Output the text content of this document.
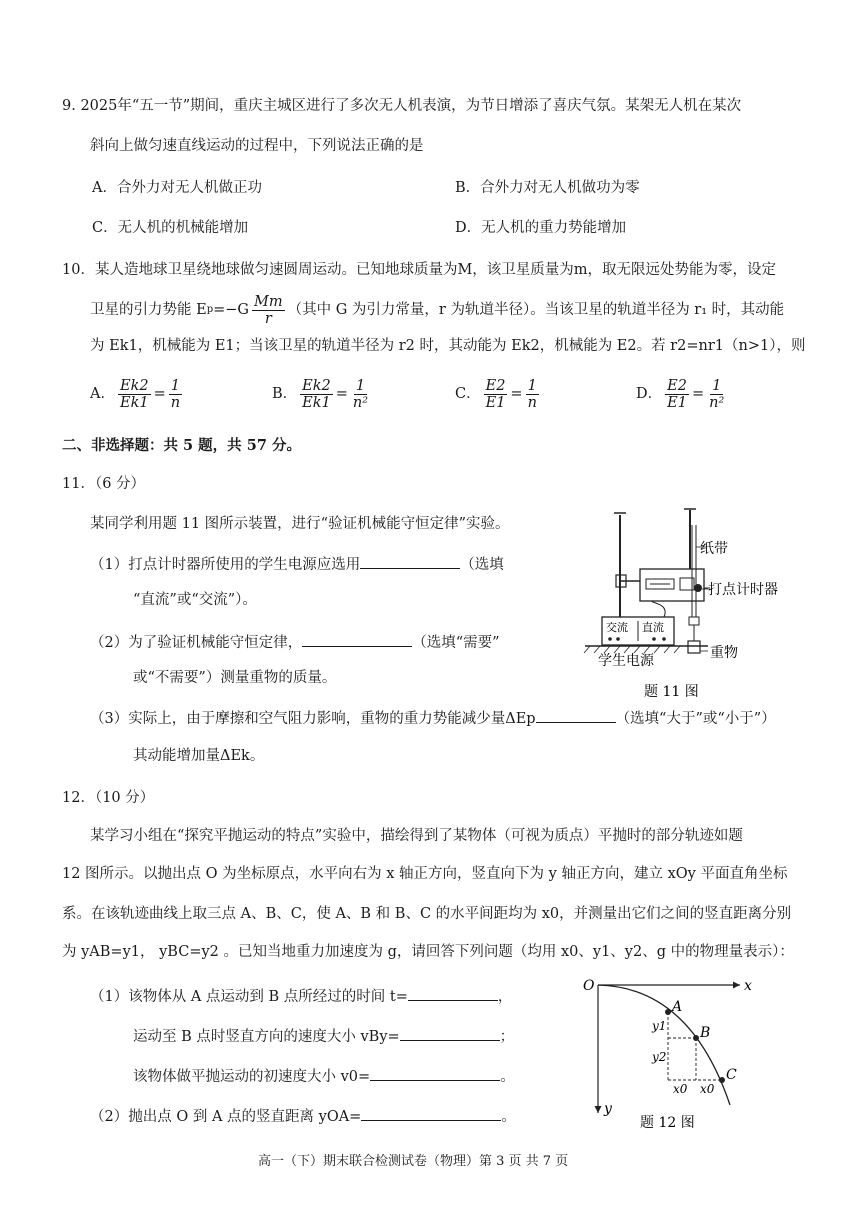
9. 2025年“五一节”期间，重庆主城区进行了多次无人机表演，为节日增添了喜庆气氛。某架无人机在某次
斜向上做匀速直线运动的过程中，下列说法正确的是
A．合外力对无人机做正功	B．合外力对无人机做功为零
C．无人机的机械能增加	D．无人机的重力势能增加
10．某人造地球卫星绕地球做匀速圆周运动。已知地球质量为M，该卫星质量为m，取无限远处势能为零，设定
卫星的引力势能 E $p =-G \frac{Mm}{r}$ （其中 G 为引力常量，r 为轨道半径）。当该卫星的轨道半径为 r₁ 时，其动能
为 Ek1，机械能为 E1；当该卫星的轨道半径为 r2 时，其动能为 Ek2，机械能为 E2。若 r2=nr1（n>1），则
A． $\frac{Ek2}{Ek1} = \frac{1}{n}$	B． $\frac{Ek2}{Ek1} = \frac{1}{\text{n²}}$	C． $\frac{E2}{E1} = \frac{1}{n}$	D． $\frac{E2}{E1} = \frac{1}{\text{n²}}$
二、非选择题：共 5 题，共 57 分。
11．（6 分）
某同学利用题 11 图所示装置，进行“验证机械能守恒定律”实验。
（1）打点计时器所使用的学生电源应选用	（选填
“直流”或“交流”）。
（2）为了验证机械能守恒定律，	（选填“需要”
或“不需要”）测量重物的质量。
（3）实际上，由于摩擦和空气阻力影响，重物的重力势能减少量ΔEp	（选填“大于”或“小于”）
其动能增加量ΔEk。
纸带
打点计时器
交流 直流
学生电源	重物
题 11 图
12．（10 分）
某学习小组在“探究平抛运动的特点”实验中，描绘得到了某物体（可视为质点）平抛时的部分轨迹如题
12 图所示。以抛出点 O 为坐标原点，水平向右为 x 轴正方向，竖直向下为 y 轴正方向，建立 xOy 平面直角坐标
系。在该轨迹曲线上取三点 A、B、C，使 A、B 和 B、C 的水平间距均为 x0，并测量出它们之间的竖直距离分别
为 yAB=y1， yBC=y2 。已知当地重力加速度为 g，请回答下列问题（均用 x0、y1、y2、g 中的物理量表示）：
（1）该物体从 A 点运动到 B 点所经过的时间 t=	，
运动至 B 点时竖直方向的速度大小 vBy=	；
该物体做平抛运动的初速度大小 v0=	。
（2）抛出点 O 到 A 点的竖直距离 yOA=	。
O	x
y
A
B
C
y1
y2
x0 x0
题 12 图
高一（下）期末联合检测试卷（物理）第 3 页 共 7 页
